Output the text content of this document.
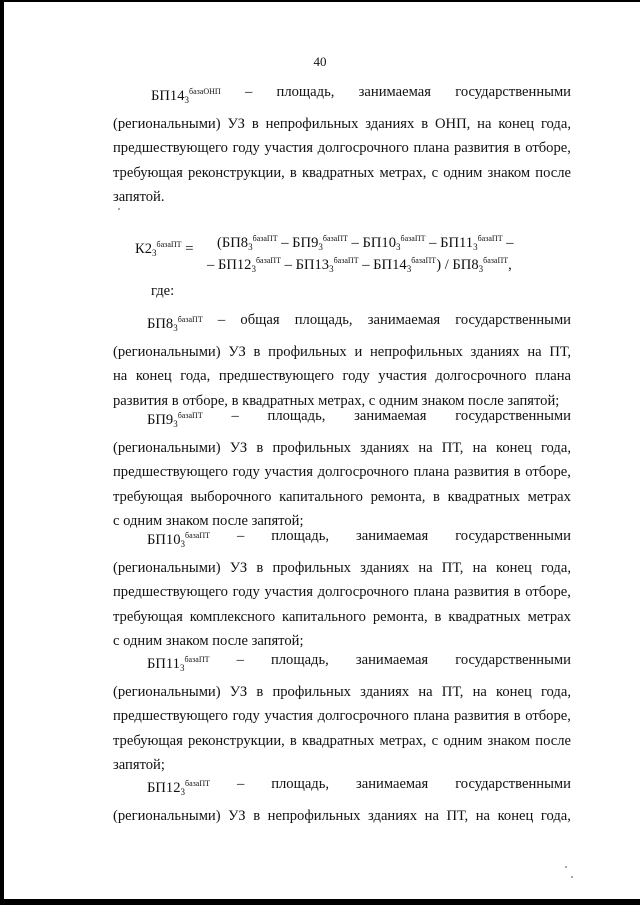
40
$БП14_3^{базаОНП}$ – площадь, занимаемая государственными
(региональными) УЗ в непрофильных зданиях в ОНП, на конец года,
предшествующего году участия долгосрочного плана развития в отборе,
требующая реконструкции, в квадратных метрах, с одним знаком после
запятой.
$К2_3^{базаПТ} = (БП8_3^{базаПТ} - БП9_3^{базаПТ} - БП10_3^{базаПТ} - БП11_3^{базаПТ}$ –
– $БП12_3^{базаПТ} - БП13_3^{базаПТ} - БП14_3^{базаПТ}) / БП8_3^{базаПТ}$,
где:
$БП8_3^{базаПТ}$ – общая площадь, занимаемая государственными
(региональными) УЗ в профильных и непрофильных зданиях на ПТ,
на конец года, предшествующего году участия долгосрочного плана
развития в отборе, в квадратных метрах, с одним знаком после запятой;
$БП9_3^{базаПТ}$ – площадь, занимаемая государственными
(региональными) УЗ в профильных зданиях на ПТ, на конец года,
предшествующего году участия долгосрочного плана развития в отборе,
требующая выборочного капитального ремонта, в квадратных метрах
с одним знаком после запятой;
$БП10_3^{базаПТ}$ – площадь, занимаемая государственными
(региональными) УЗ в профильных зданиях на ПТ, на конец года,
предшествующего году участия долгосрочного плана развития в отборе,
требующая комплексного капитального ремонта, в квадратных метрах
с одним знаком после запятой;
$БП11_3^{базаПТ}$ – площадь, занимаемая государственными
(региональными) УЗ в профильных зданиях на ПТ, на конец года,
предшествующего году участия долгосрочного плана развития в отборе,
требующая реконструкции, в квадратных метрах, с одним знаком после
запятой;
$БП12_3^{базаПТ}$ – площадь, занимаемая государственными
(региональными) УЗ в непрофильных зданиях на ПТ, на конец года,
